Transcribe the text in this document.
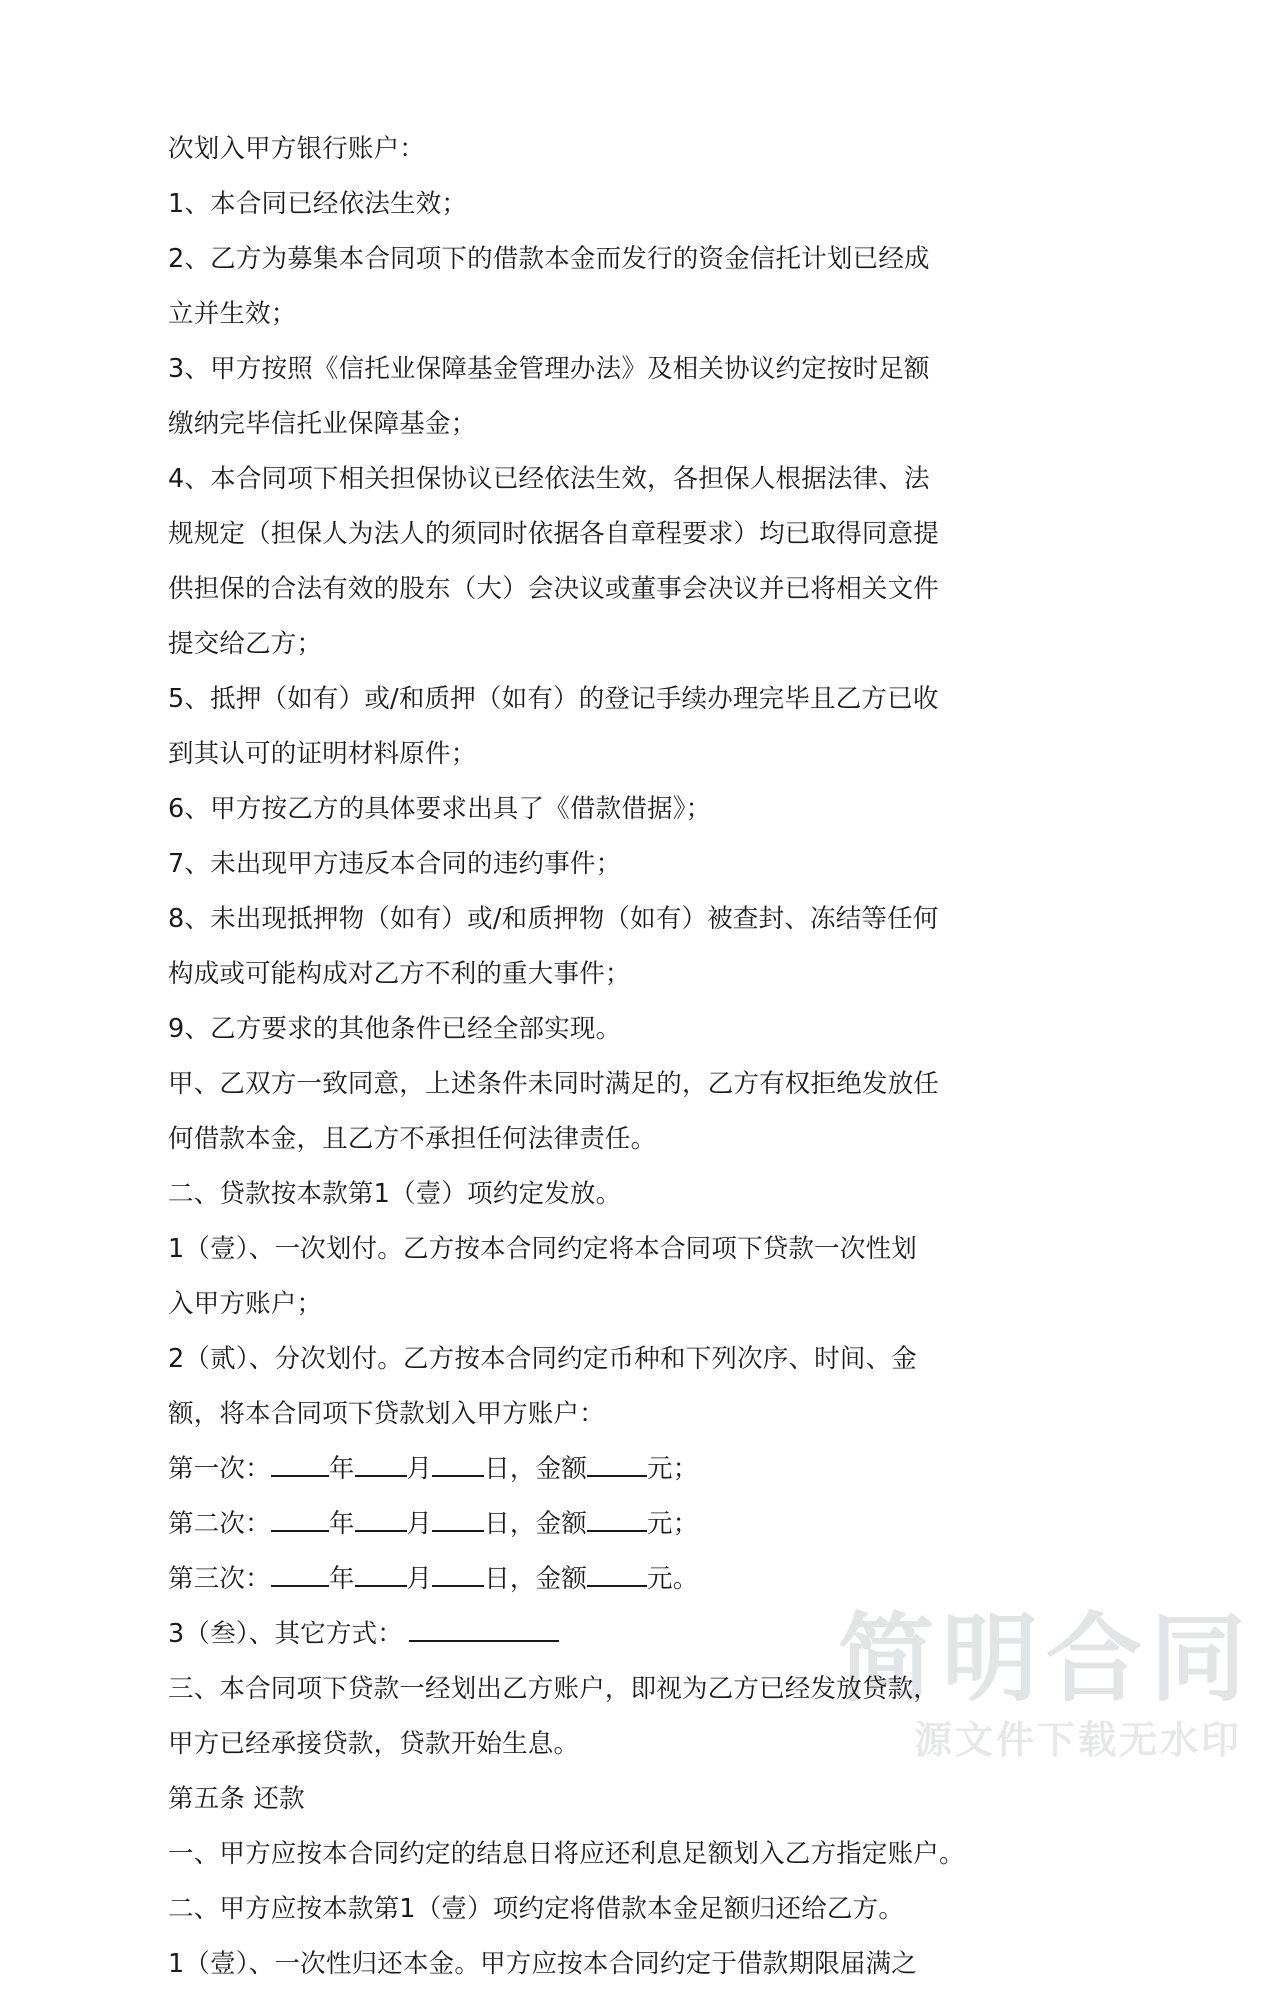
简明合同
源文件下载无水印
次划入甲方银行账户：
1、本合同已经依法生效；
2、乙方为募集本合同项下的借款本金而发行的资金信托计划已经成
立并生效；
3、甲方按照《信托业保障基金管理办法》及相关协议约定按时足额
缴纳完毕信托业保障基金；
4、本合同项下相关担保协议已经依法生效，各担保人根据法律、法
规规定（担保人为法人的须同时依据各自章程要求）均已取得同意提
供担保的合法有效的股东（大）会决议或董事会决议并已将相关文件
提交给乙方；
5、抵押（如有）或/和质押（如有）的登记手续办理完毕且乙方已收
到其认可的证明材料原件；
6、甲方按乙方的具体要求出具了《借款借据》；
7、未出现甲方违反本合同的违约事件；
8、未出现抵押物（如有）或/和质押物（如有）被查封、冻结等任何
构成或可能构成对乙方不利的重大事件；
9、乙方要求的其他条件已经全部实现。
甲、乙双方一致同意，上述条件未同时满足的，乙方有权拒绝发放任
何借款本金，且乙方不承担任何法律责任。
二、贷款按本款第1（壹）项约定发放。
1（壹）、一次划付。乙方按本合同约定将本合同项下贷款一次性划
入甲方账户；
2（贰）、分次划付。乙方按本合同约定币种和下列次序、时间、金
额，将本合同项下贷款划入甲方账户：
第一次： 年 月 日，金额 元；
第二次： 年 月 日，金额 元；
第三次： 年 月 日，金额 元。
3（叁）、其它方式：
三、本合同项下贷款一经划出乙方账户，即视为乙方已经发放贷款，
甲方已经承接贷款，贷款开始生息。
第五条 还款
一、甲方应按本合同约定的结息日将应还利息足额划入乙方指定账户。
二、甲方应按本款第1（壹）项约定将借款本金足额归还给乙方。
1（壹）、一次性归还本金。甲方应按本合同约定于借款期限届满之
